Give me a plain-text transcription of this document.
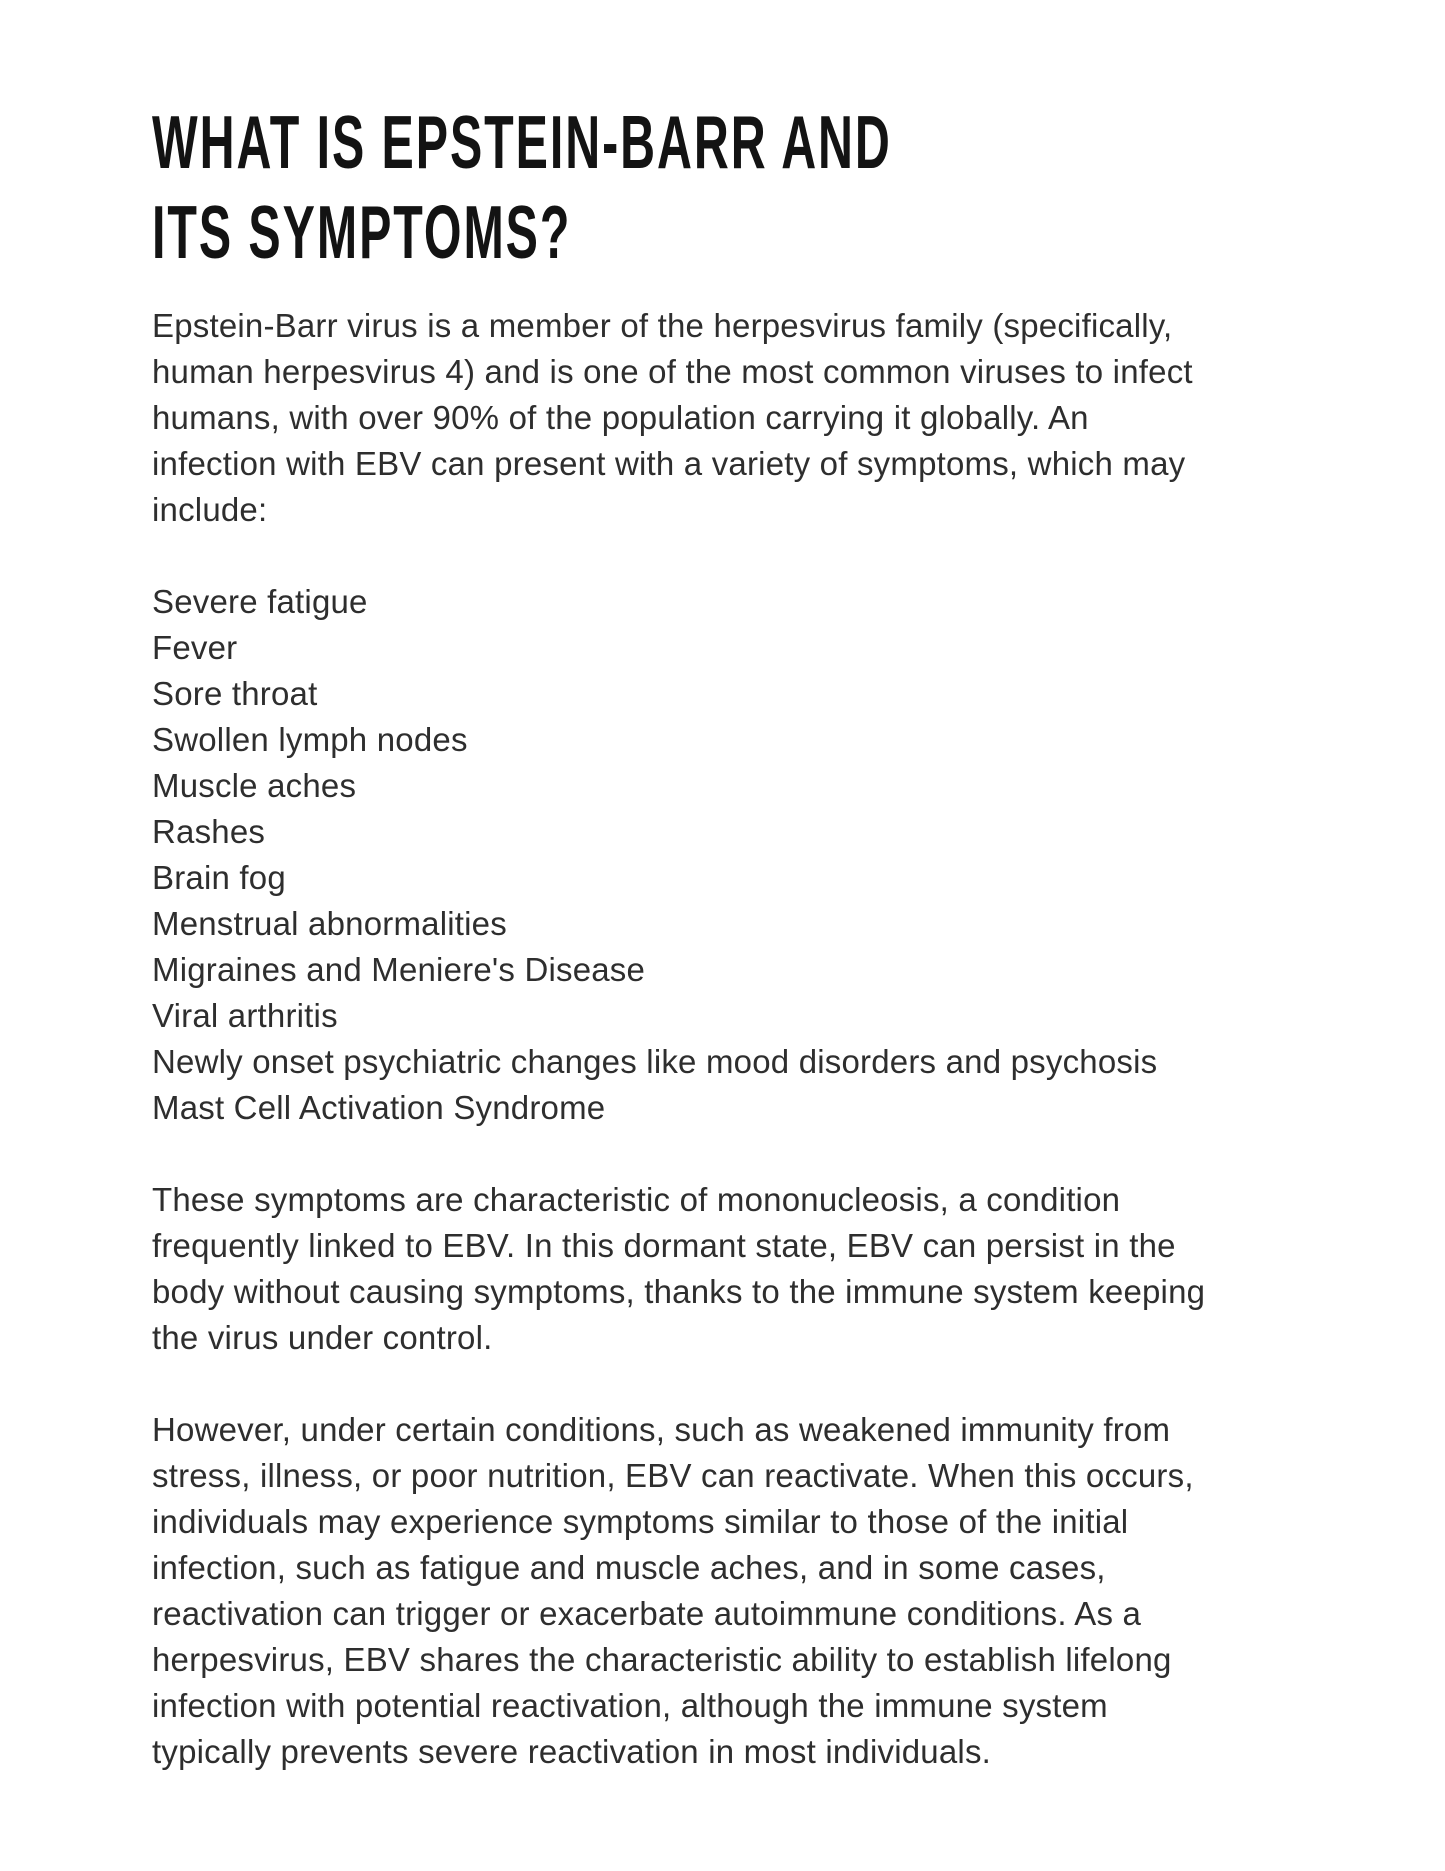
WHAT IS EPSTEIN-BARR AND
ITS SYMPTOMS?

Epstein-Barr virus is a member of the herpesvirus family (specifically,
human herpesvirus 4) and is one of the most common viruses to infect
humans, with over 90% of the population carrying it globally. An
infection with EBV can present with a variety of symptoms, which may
include:

Severe fatigue
Fever
Sore throat
Swollen lymph nodes
Muscle aches
Rashes
Brain fog
Menstrual abnormalities
Migraines and Meniere's Disease
Viral arthritis
Newly onset psychiatric changes like mood disorders and psychosis
Mast Cell Activation Syndrome

These symptoms are characteristic of mononucleosis, a condition
frequently linked to EBV. In this dormant state, EBV can persist in the
body without causing symptoms, thanks to the immune system keeping
the virus under control.

However, under certain conditions, such as weakened immunity from
stress, illness, or poor nutrition, EBV can reactivate. When this occurs,
individuals may experience symptoms similar to those of the initial
infection, such as fatigue and muscle aches, and in some cases,
reactivation can trigger or exacerbate autoimmune conditions. As a
herpesvirus, EBV shares the characteristic ability to establish lifelong
infection with potential reactivation, although the immune system
typically prevents severe reactivation in most individuals.
